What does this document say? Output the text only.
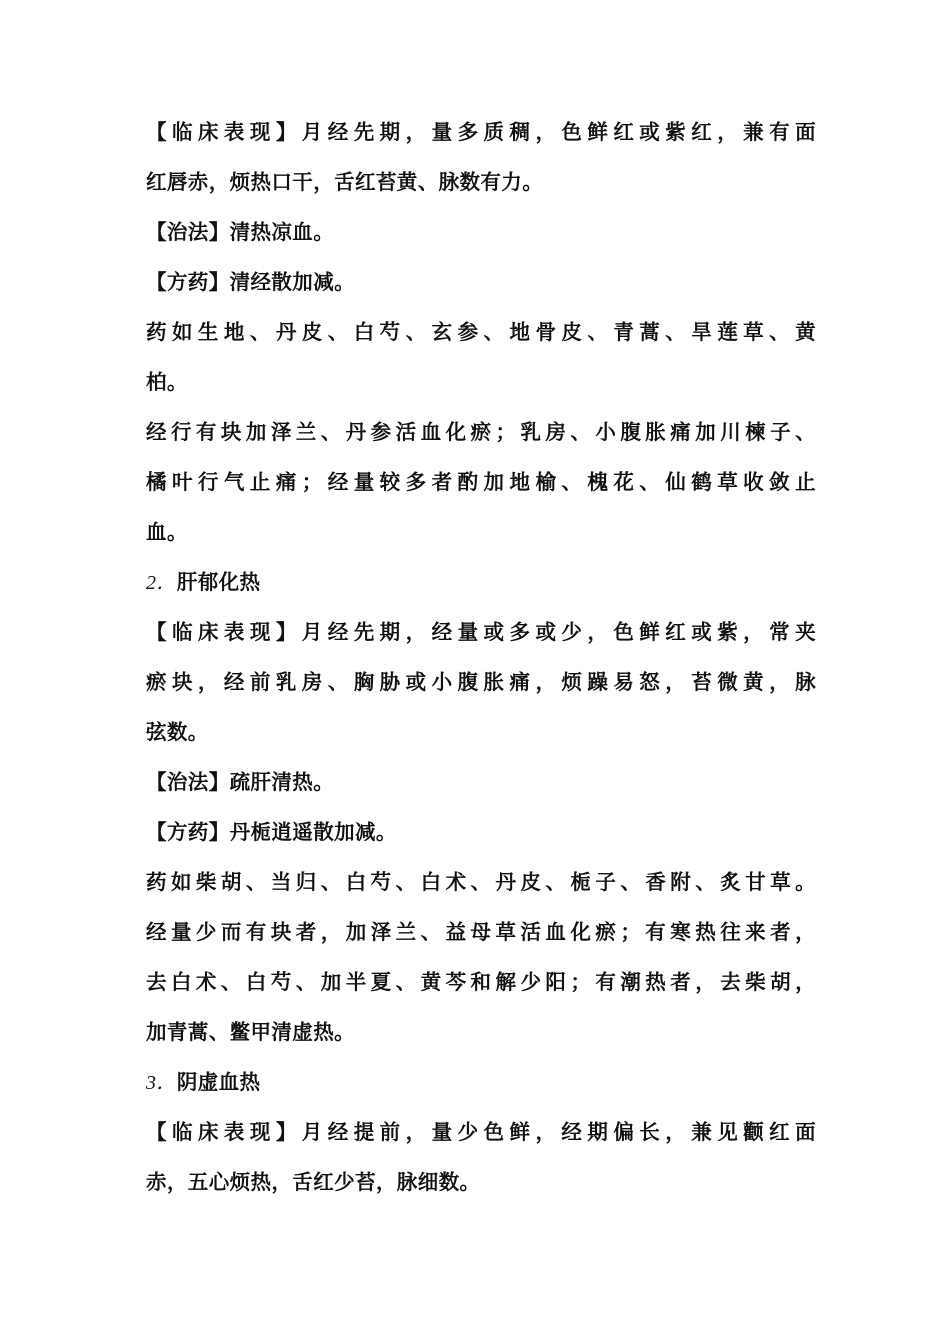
【临床表现】月经先期，量多质稠，色鲜红或紫红，兼有面
红唇赤，烦热口干，舌红苔黄、脉数有力。
【治法】清热凉血。
【方药】清经散加减。
药如生地、丹皮、白芍、玄参、地骨皮、青蒿、旱莲草、黄
柏。
经行有块加泽兰、丹参活血化瘀；乳房、小腹胀痛加川楝子、
橘叶行气止痛；经量较多者酌加地榆、槐花、仙鹤草收敛止
血。
2．肝郁化热
【临床表现】月经先期，经量或多或少，色鲜红或紫，常夹
瘀块，经前乳房、胸胁或小腹胀痛，烦躁易怒，苔微黄，脉
弦数。
【治法】疏肝清热。
【方药】丹栀逍遥散加减。
药如柴胡、当归、白芍、白术、丹皮、栀子、香附、炙甘草。
经量少而有块者，加泽兰、益母草活血化瘀；有寒热往来者，
去白术、白芍、加半夏、黄芩和解少阳；有潮热者，去柴胡，
加青蒿、鳖甲清虚热。
3．阴虚血热
【临床表现】月经提前，量少色鲜，经期偏长，兼见颧红面
赤，五心烦热，舌红少苔，脉细数。
